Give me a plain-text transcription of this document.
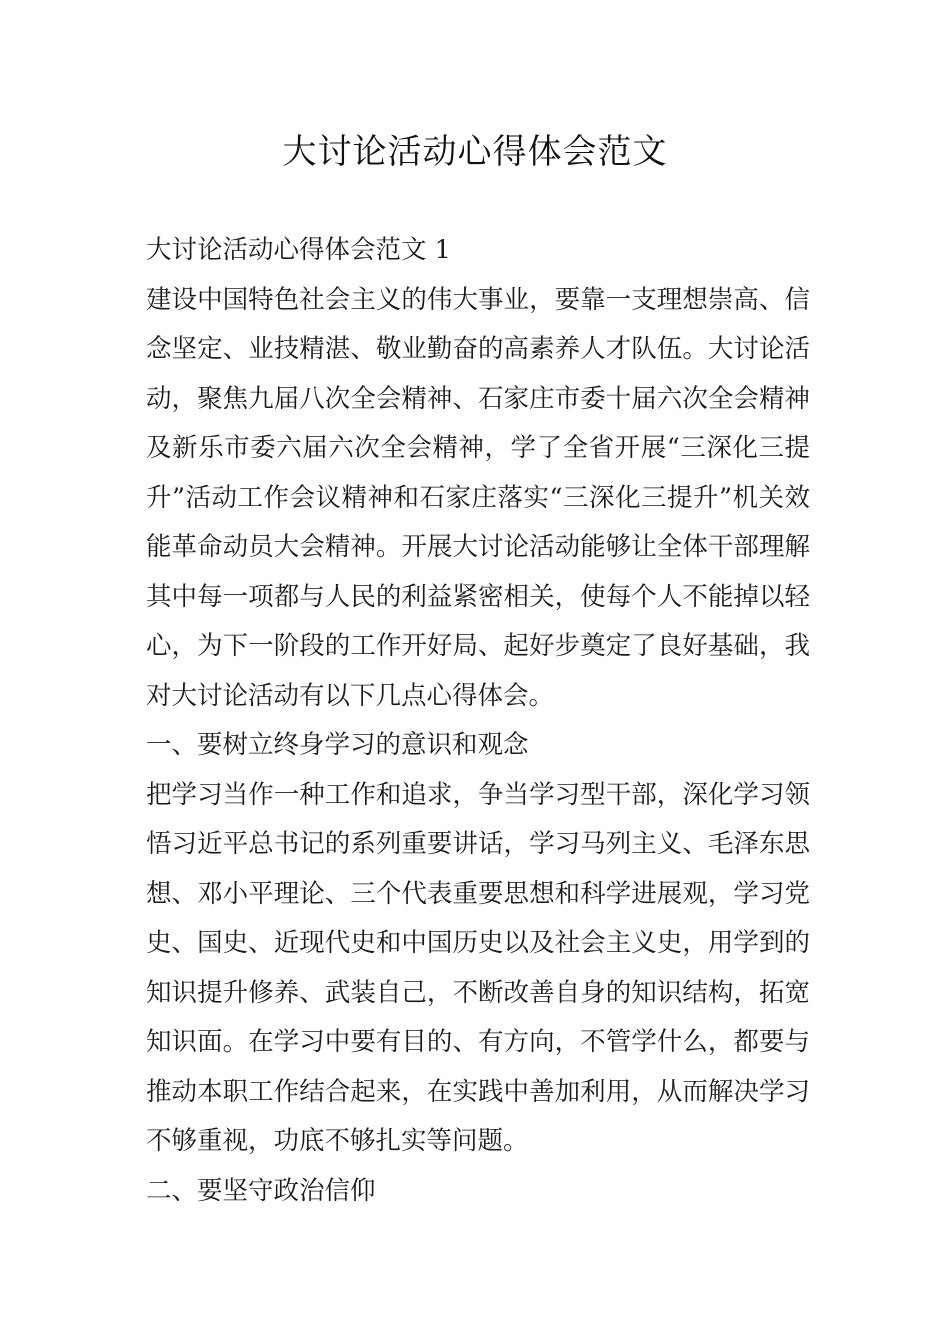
大讨论活动心得体会范文

大讨论活动心得体会范文 1

建设中国特色社会主义的伟大事业，要靠一支理想崇高、信念坚定、业技精湛、敬业勤奋的高素养人才队伍。大讨论活动，聚焦九届八次全会精神、石家庄市委十届六次全会精神及新乐市委六届六次全会精神，学了全省开展“三深化三提升”活动工作会议精神和石家庄落实“三深化三提升”机关效能革命动员大会精神。开展大讨论活动能够让全体干部理解其中每一项都与人民的利益紧密相关，使每个人不能掉以轻心，为下一阶段的工作开好局、起好步奠定了良好基础，我对大讨论活动有以下几点心得体会。

一、要树立终身学习的意识和观念

把学习当作一种工作和追求，争当学习型干部，深化学习领悟习近平总书记的系列重要讲话，学习马列主义、毛泽东思想、邓小平理论、三个代表重要思想和科学进展观，学习党史、国史、近现代史和中国历史以及社会主义史，用学到的知识提升修养、武装自己，不断改善自身的知识结构，拓宽知识面。在学习中要有目的、有方向，不管学什么，都要与推动本职工作结合起来，在实践中善加利用，从而解决学习不够重视，功底不够扎实等问题。

二、要坚守政治信仰
